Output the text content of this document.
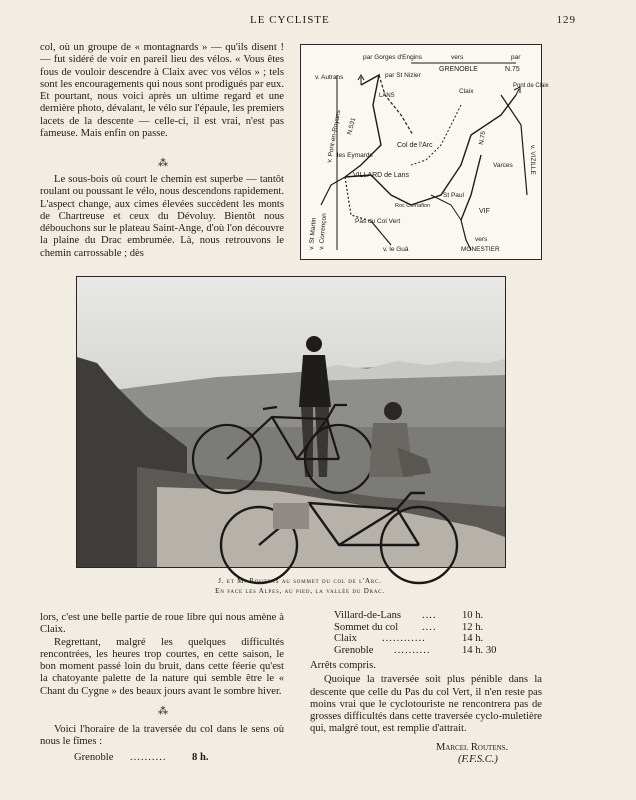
LE CYCLISTE	129

col, où un groupe de « montagnards » — qu'ils disent ! — fut sidéré de voir en pareil lieu des vélos. « Vous êtes fous de vouloir descendre à Claix avec vos vélos » ; tels sont les encouragements qui nous sont prodigués par eux. Et pourtant, nous voici après un ultime regard et une dernière photo, dévalant, le vélo sur l'épaule, les premiers lacets de la descente — celle-ci, il est vrai, n'est pas fameuse. Mais enfin on passe.

⁂

Le sous-bois où court le chemin est superbe — tantôt roulant ou poussant le vélo, nous descendons rapidement. L'aspect change, aux cimes élevées succèdent les monts de Chartreuse et ceux du Dévoluy. Bientôt nous débouchons sur le plateau Saint-Ange, d'où l'on découvre la plaine du Drac embrumée. Là, nous retrouvons le chemin carrossable ; dès

par Gorges d'Engins	vers	par
GRENOBLE	N.75
v. Autrans	par St Nizier
LANS
Claix
Pont de Claix
N.531
v. Pont-en-Royans	v. VIZILLE
N.75
Col de l'Arc
les Eymards
VILLARD de Lans
Varces
St Paul
Roc Cornafion
VIF
Pas du Col Vert
v. St Martin v. Corrençon	v. le Guâ
vers
MONESTIER
J. et M. Routens au sommet du col de l'Arc.
En face les Alpes, au pied, la vallée du Drac.

lors, c'est une belle partie de roue libre qui nous amène à Claix.

Regrettant, malgré les quelques difficultés rencontrées, les heures trop courtes, en cette saison, le bon moment passé loin du bruit, dans cette féerie qu'est la chatoyante palette de la nature qui semble être le « Chant du Cygne » des beaux jours avant le sombre hiver.

⁂

Voici l'horaire de la traversée du col dans le sens où nous le fîmes :

Grenoble	..........	8 h.
Villard-de-Lans	....	10 h.
Sommet du col	....	12 h.
Claix	............	14 h.
Grenoble	..........	14 h. 30

Arrêts compris.

Quoique la traversée soit plus pénible dans la descente que celle du Pas du col Vert, il n'en reste pas moins vrai que le cyclotouriste ne rencontrera pas de grosses difficultés dans cette traversée cyclo-muletière qui, malgré tout, est remplie d'attrait.

Marcel Routens.
(F.F.S.C.)
